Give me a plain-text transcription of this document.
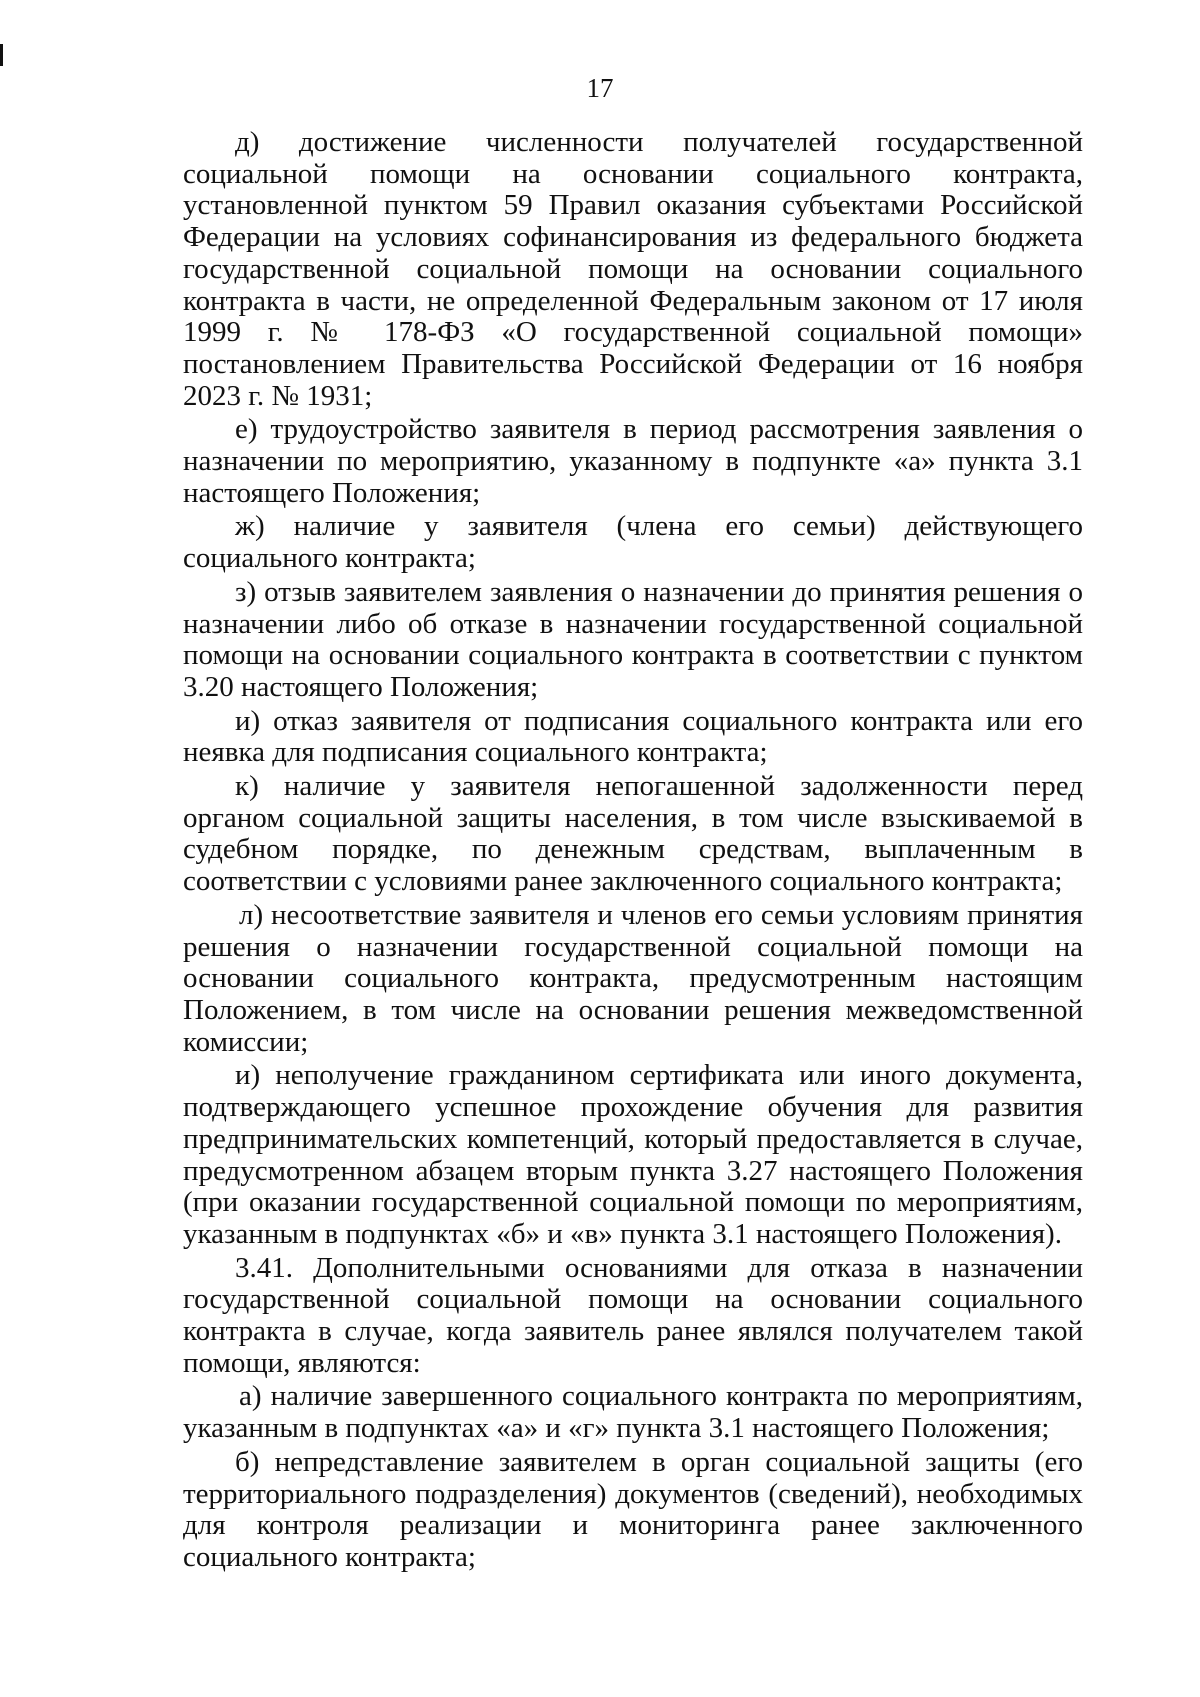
17

д) достижение численности получателей государственной социальной помощи на основании социального контракта, установленной пунктом 59 Правил оказания субъектами Российской Федерации на условиях софинансирования из федерального бюджета государственной социальной помощи на основании социального контракта в части, не определенной Федеральным законом от 17 июля 1999 г. № 178-ФЗ «О государственной социальной помощи» постановлением Правительства Российской Федерации от 16 ноября 2023 г. № 1931;

е) трудоустройство заявителя в период рассмотрения заявления о назначении по мероприятию, указанному в подпункте «а» пункта 3.1 настоящего Положения;

ж) наличие у заявителя (члена его семьи) действующего социального контракта;

з) отзыв заявителем заявления о назначении до принятия решения о назначении либо об отказе в назначении государственной социальной помощи на основании социального контракта в соответствии с пунктом 3.20 настоящего Положения;

и) отказ заявителя от подписания социального контракта или его неявка для подписания социального контракта;

к) наличие у заявителя непогашенной задолженности перед органом социальной защиты населения, в том числе взыскиваемой в судебном порядке, по денежным средствам, выплаченным в соответствии с условиями ранее заключенного социального контракта;

л) несоответствие заявителя и членов его семьи условиям принятия решения о назначении государственной социальной помощи на основании социального контракта, предусмотренным настоящим Положением, в том числе на основании решения межведомственной комиссии;

и) неполучение гражданином сертификата или иного документа, подтверждающего успешное прохождение обучения для развития предпринимательских компетенций, который предоставляется в случае, предусмотренном абзацем вторым пункта 3.27 настоящего Положения (при оказании государственной социальной помощи по мероприятиям, указанным в подпунктах «б» и «в» пункта 3.1 настоящего Положения).

3.41. Дополнительными основаниями для отказа в назначении государственной социальной помощи на основании социального контракта в случае, когда заявитель ранее являлся получателем такой помощи, являются:

а) наличие завершенного социального контракта по мероприятиям, указанным в подпунктах «а» и «г» пункта 3.1 настоящего Положения;

б) непредставление заявителем в орган социальной защиты (его территориального подразделения) документов (сведений), необходимых для контроля реализации и мониторинга ранее заключенного социального контракта;
